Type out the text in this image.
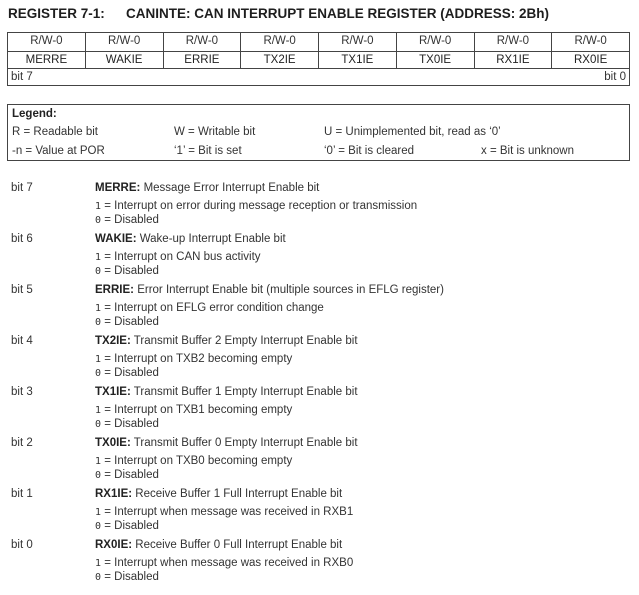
REGISTER 7-1: CANINTE: CAN INTERRUPT ENABLE REGISTER (ADDRESS: 2Bh)
R/W-0	R/W-0	R/W-0	R/W-0	R/W-0	R/W-0	R/W-0	R/W-0
MERRE	WAKIE	ERRIE	TX2IE	TX1IE	TX0IE	RX1IE	RX0IE
bit 7	bit 0
Legend:
R = Readable bit	W = Writable bit	U = Unimplemented bit, read as ‘0’
-n = Value at POR	‘1’ = Bit is set	‘0’ = Bit is cleared	x = Bit is unknown
bit 7	MERRE: Message Error Interrupt Enable bit
1 = Interrupt on error during message reception or transmission
0 = Disabled
bit 6	WAKIE: Wake-up Interrupt Enable bit
1 = Interrupt on CAN bus activity
0 = Disabled
bit 5	ERRIE: Error Interrupt Enable bit (multiple sources in EFLG register)
1 = Interrupt on EFLG error condition change
0 = Disabled
bit 4	TX2IE: Transmit Buffer 2 Empty Interrupt Enable bit
1 = Interrupt on TXB2 becoming empty
0 = Disabled
bit 3	TX1IE: Transmit Buffer 1 Empty Interrupt Enable bit
1 = Interrupt on TXB1 becoming empty
0 = Disabled
bit 2	TX0IE: Transmit Buffer 0 Empty Interrupt Enable bit
1 = Interrupt on TXB0 becoming empty
0 = Disabled
bit 1	RX1IE: Receive Buffer 1 Full Interrupt Enable bit
1 = Interrupt when message was received in RXB1
0 = Disabled
bit 0	RX0IE: Receive Buffer 0 Full Interrupt Enable bit
1 = Interrupt when message was received in RXB0
0 = Disabled
